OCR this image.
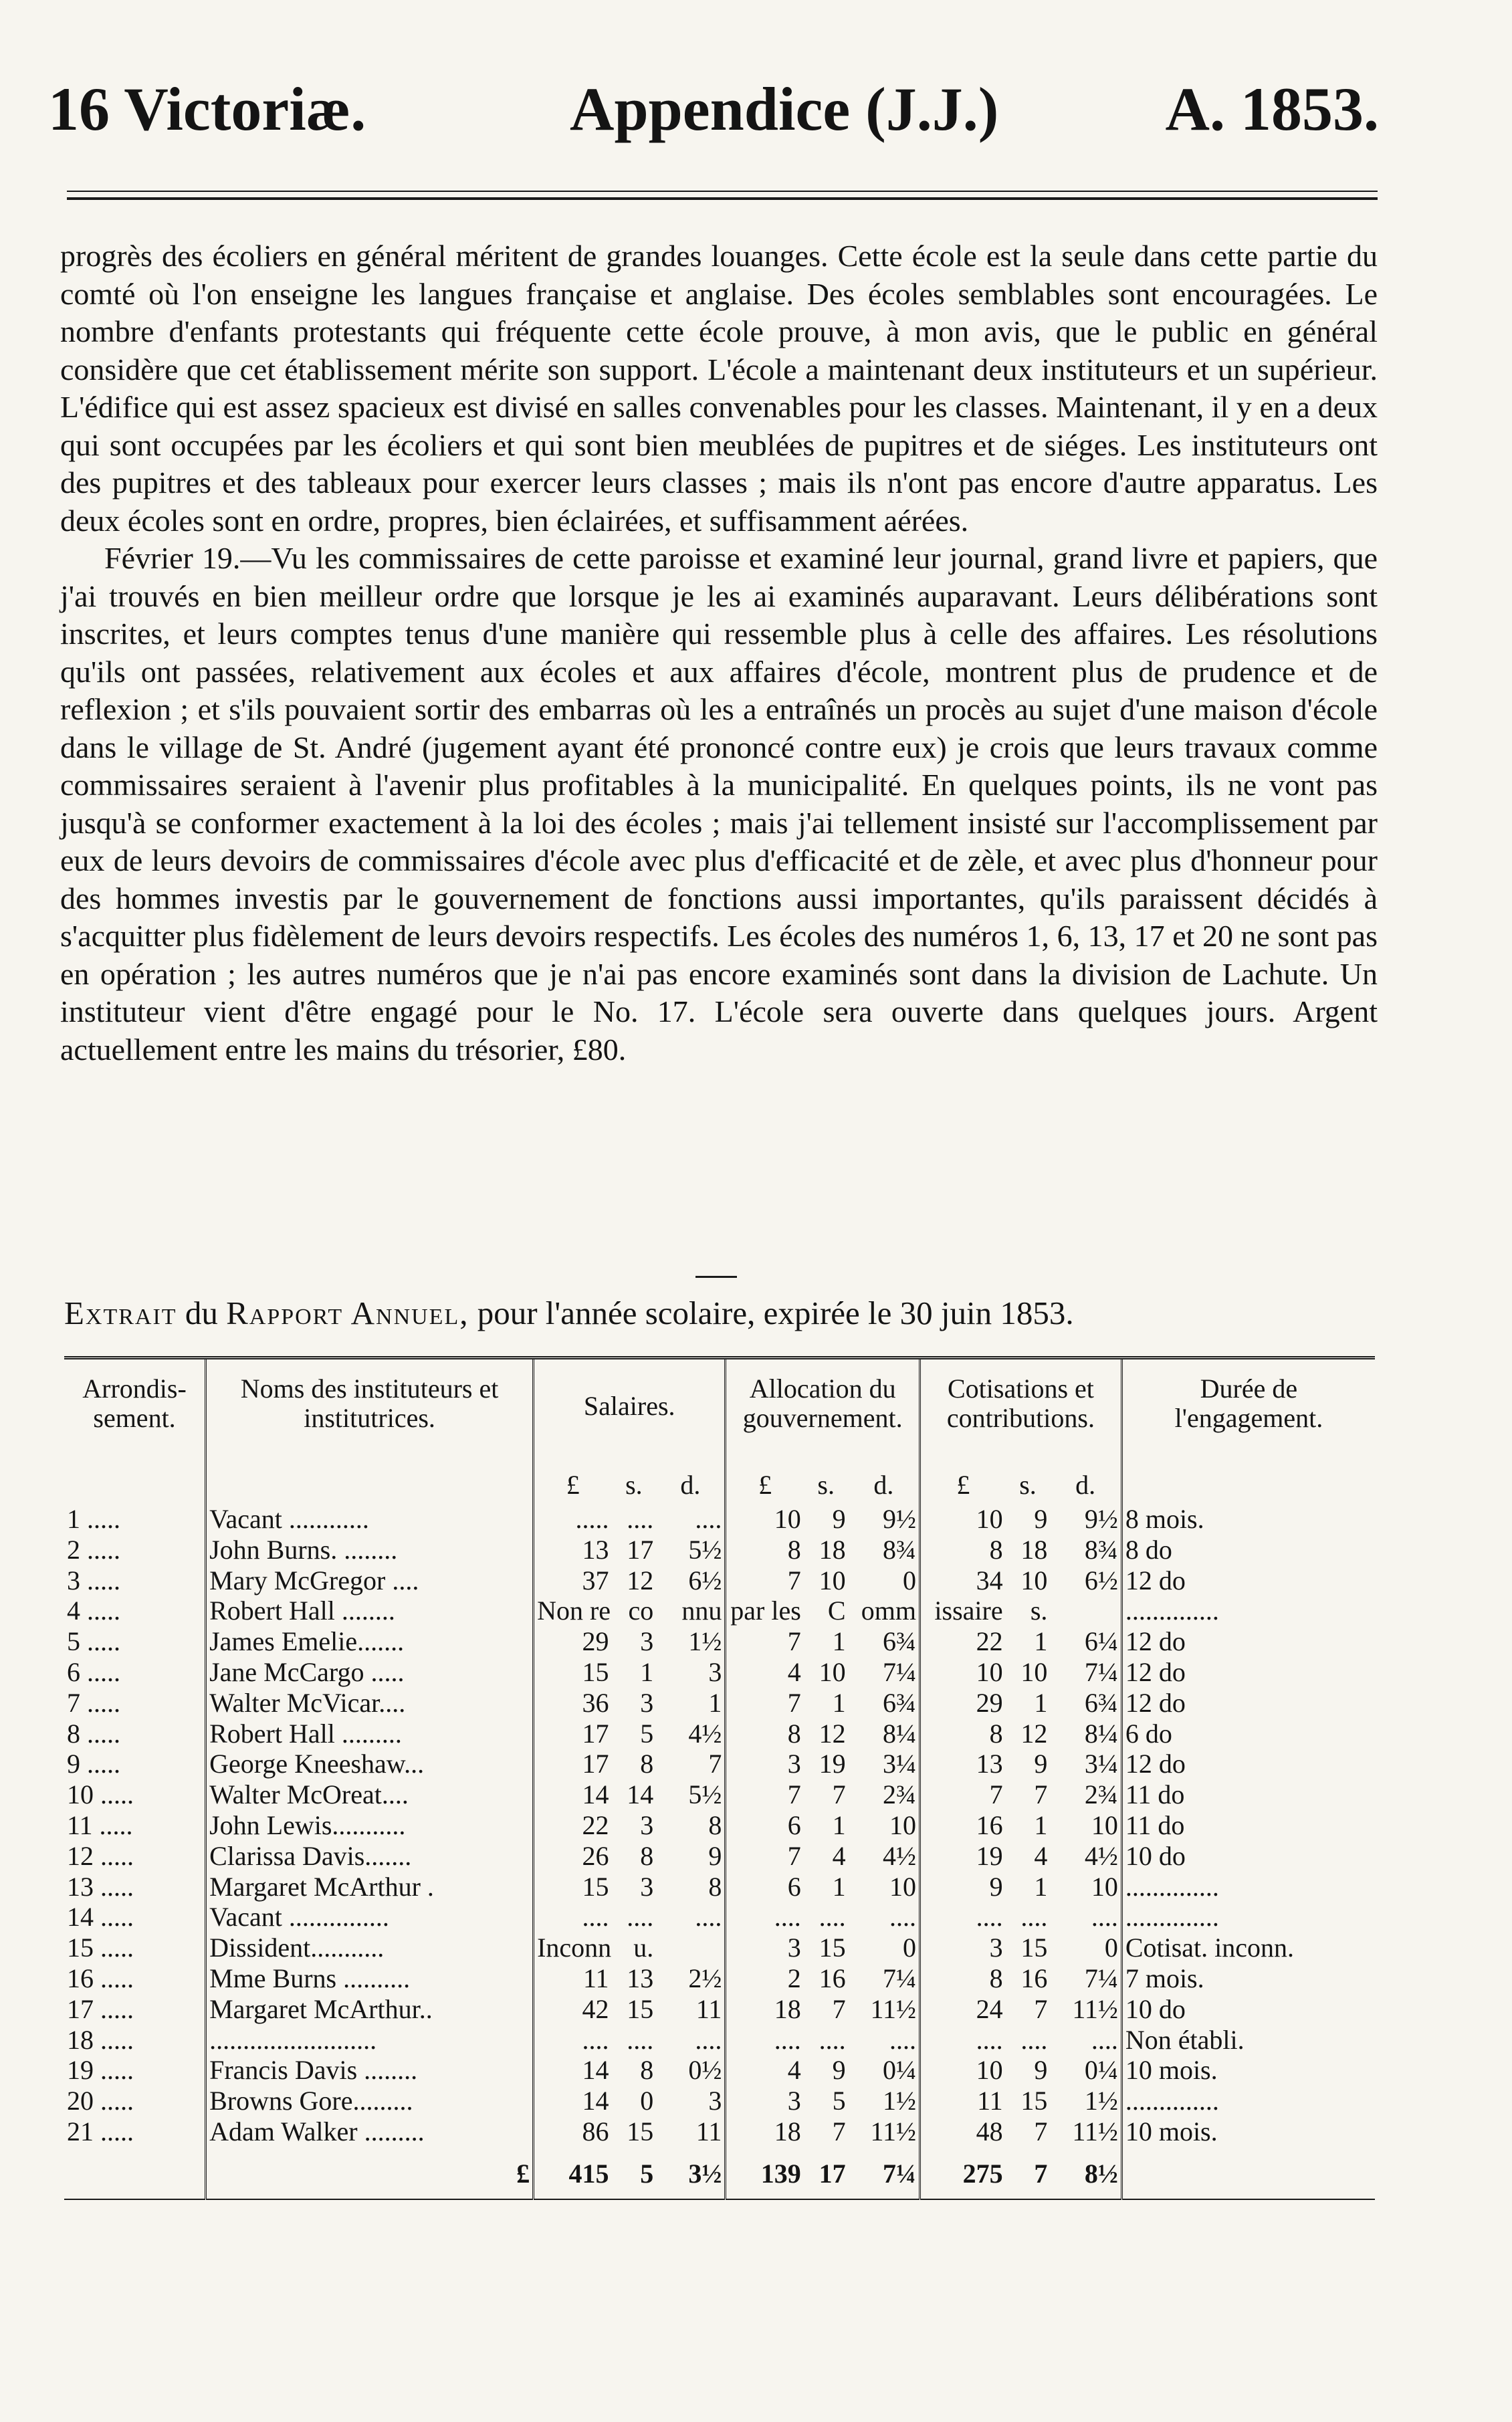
16 Victoriæ.	Appendice (J.J.)	A. 1853.

progrès des écoliers en général méritent de grandes louanges. Cette école est la seule dans cette partie du comté où l'on enseigne les langues française et anglaise. Des écoles semblables sont encouragées. Le nombre d'enfants protestants qui fréquente cette école prouve, à mon avis, que le public en général considère que cet établissement mérite son support. L'école a maintenant deux instituteurs et un supérieur. L'édifice qui est assez spacieux est divisé en salles convenables pour les classes. Maintenant, il y en a deux qui sont occupées par les écoliers et qui sont bien meublées de pupitres et de siéges. Les instituteurs ont des pupitres et des tableaux pour exercer leurs classes ; mais ils n'ont pas encore d'autre apparatus. Les deux écoles sont en ordre, propres, bien éclairées, et suffisamment aérées.

Février 19.—Vu les commissaires de cette paroisse et examiné leur journal, grand livre et papiers, que j'ai trouvés en bien meilleur ordre que lorsque je les ai examinés auparavant. Leurs délibérations sont inscrites, et leurs comptes tenus d'une manière qui ressemble plus à celle des affaires. Les résolutions qu'ils ont passées, relativement aux écoles et aux affaires d'école, montrent plus de prudence et de reflexion ; et s'ils pouvaient sortir des embarras où les a entraînés un procès au sujet d'une maison d'école dans le village de St. André (jugement ayant été prononcé contre eux) je crois que leurs travaux comme commissaires seraient à l'avenir plus profitables à la municipalité. En quelques points, ils ne vont pas jusqu'à se conformer exactement à la loi des écoles ; mais j'ai tellement insisté sur l'accomplissement par eux de leurs devoirs de commissaires d'école avec plus d'efficacité et de zèle, et avec plus d'honneur pour des hommes investis par le gouvernement de fonctions aussi importantes, qu'ils paraissent décidés à s'acquitter plus fidèlement de leurs devoirs respectifs. Les écoles des numéros 1, 6, 13, 17 et 20 ne sont pas en opération ; les autres numéros que je n'ai pas encore examinés sont dans la division de Lachute. Un instituteur vient d'être engagé pour le No. 17. L'école sera ouverte dans quelques jours. Argent actuellement entre les mains du trésorier, £80.

Extrait du Rapport Annuel, pour l'année scolaire, expirée le 30 juin 1853.
Arrondis-sement.	Noms des instituteurs et institutrices.	Salaires.			Allocation du gouvernement.			Cotisations et contributions.			Durée de l'engagement.
		£	s.	d.	£	s.	d.	£	s.	d.	
1 .....	Vacant ............	.....	....	....	10	9	9½	10	9	9½	8 mois.
2 .....	John Burns. ........	13	17	5½	8	18	8¾	8	18	8¾	8 do
3 .....	Mary McGregor ....	37	12	6½	7	10	0	34	10	6½	12 do
4 .....	Robert Hall ........	Non re	co	nnu	par les	C	omm	issaire	s.		..............
5 .....	James Emelie.......	29	3	1½	7	1	6¾	22	1	6¼	12 do
6 .....	Jane McCargo .....	15	1	3	4	10	7¼	10	10	7¼	12 do
7 .....	Walter McVicar....	36	3	1	7	1	6¾	29	1	6¾	12 do
8 .....	Robert Hall .........	17	5	4½	8	12	8¼	8	12	8¼	6 do
9 .....	George Kneeshaw...	17	8	7	3	19	3¼	13	9	3¼	12 do
10 .....	Walter McOreat....	14	14	5½	7	7	2¾	7	7	2¾	11 do
11 .....	John Lewis...........	22	3	8	6	1	10	16	1	10	11 do
12 .....	Clarissa Davis.......	26	8	9	7	4	4½	19	4	4½	10 do
13 .....	Margaret McArthur .	15	3	8	6	1	10	9	1	10	..............
14 .....	Vacant ...............	....	....	....	....	....	....	....	....	....	..............
15 .....	Dissident...........	Inconn	u.		3	15	0	3	15	0	Cotisat. inconn.
16 .....	Mme Burns ..........	11	13	2½	2	16	7¼	8	16	7¼	7 mois.
17 .....	Margaret McArthur..	42	15	11	18	7	11½	24	7	11½	10 do
18 .....	.........................	....	....	....	....	....	....	....	....	....	Non établi.
19 .....	Francis Davis ........	14	8	0½	4	9	0¼	10	9	0¼	10 mois.
20 .....	Browns Gore.........	14	0	3	3	5	1½	11	15	1½	..............
21 .....	Adam Walker .........	86	15	11	18	7	11½	48	7	11½	10 mois.
	£	415	5	3½	139	17	7¼	275	7	8½	
